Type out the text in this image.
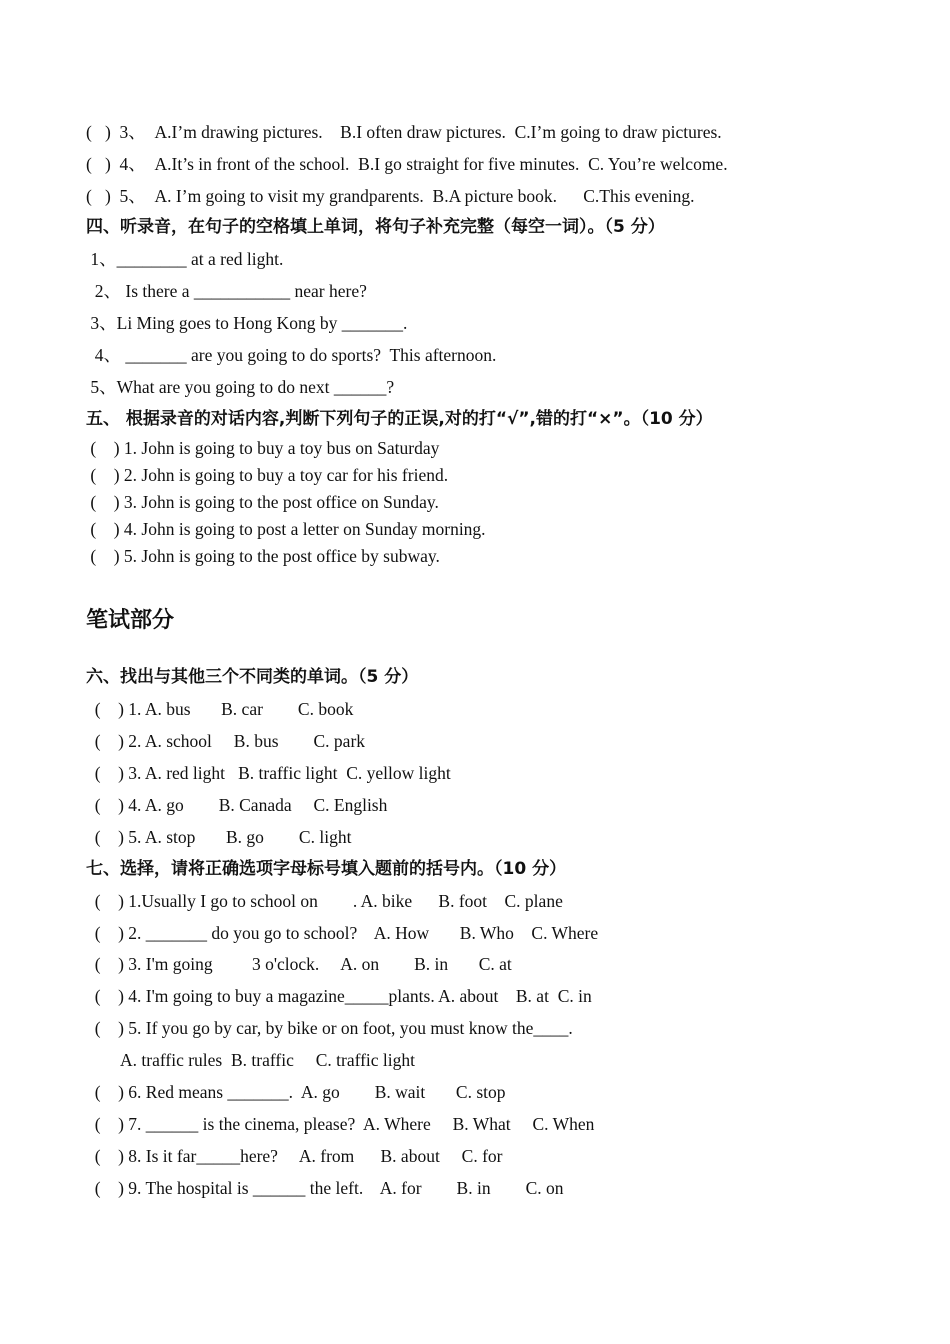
(   )  3、  A.I’m drawing pictures.    B.I often draw pictures.  C.I’m going to draw pictures.
(   )  4、  A.It’s in front of the school.  B.I go straight for five minutes.  C. You’re welcome.
(   )  5、  A. I’m going to visit my grandparents.  B.A picture book.      C.This evening.
四、听录音，在句子的空格填上单词，将句子补充完整（每空一词）。（5 分）
1、________ at a red light.
2、 Is there a ___________ near here?
3、Li Ming goes to Hong Kong by _______.
4、 _______ are you going to do sports?  This afternoon.
5、What are you going to do next ______?
五、 根据录音的对话内容,判断下列句子的正误,对的打“√”,错的打“×”。（10 分）
(    ) 1. John is going to buy a toy bus on Saturday
(    ) 2. John is going to buy a toy car for his friend.
(    ) 3. John is going to the post office on Sunday.
(    ) 4. John is going to post a letter on Sunday morning.
(    ) 5. John is going to the post office by subway.
笔试部分
六、找出与其他三个不同类的单词。（5 分）
(    ) 1. A. bus       B. car        C. book
(    ) 2. A. school     B. bus        C. park
(    ) 3. A. red light   B. traffic light  C. yellow light
(    ) 4. A. go        B. Canada     C. English
(    ) 5. A. stop       B. go        C. light
七、选择，请将正确选项字母标号填入题前的括号内。（10 分）
(    ) 1.Usually I go to school on        . A. bike      B. foot    C. plane
(    ) 2. _______ do you go to school?    A. How       B. Who    C. Where
(    ) 3. I'm going         3 o'clock.     A. on        B. in       C. at
(    ) 4. I'm going to buy a magazine_____plants. A. about    B. at  C. in
(    ) 5. If you go by car, by bike or on foot, you must know the____.
A. traffic rules  B. traffic     C. traffic light
(    ) 6. Red means _______.  A. go        B. wait       C. stop
(    ) 7. ______ is the cinema, please?  A. Where     B. What     C. When
(    ) 8. Is it far_____here?     A. from      B. about     C. for
(    ) 9. The hospital is ______ the left.    A. for        B. in        C. on
